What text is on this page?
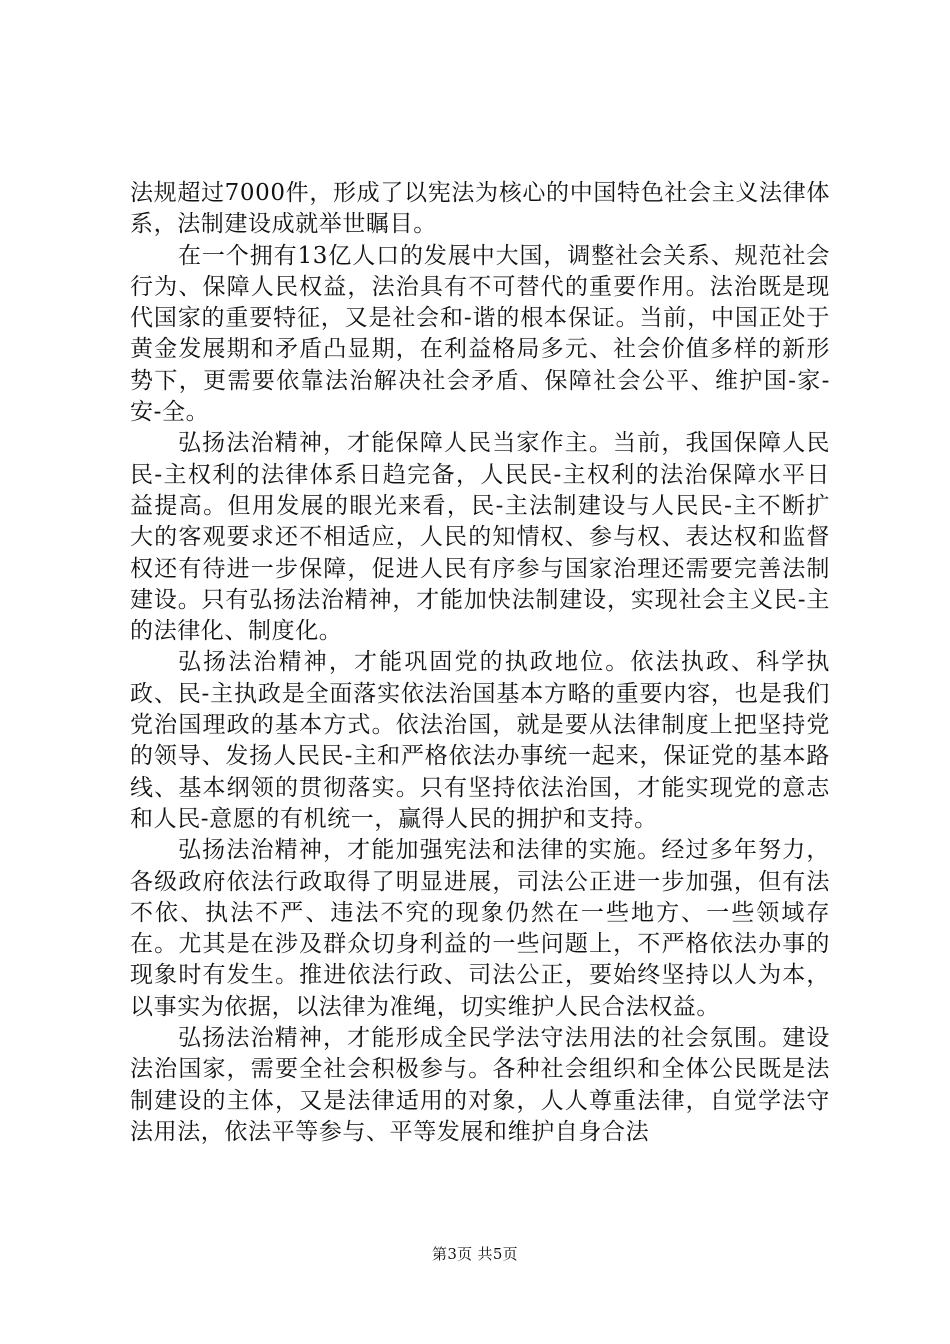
法规超过7000件，形成了以宪法为核心的中国特色社会主义法律体系，法制建设成就举世瞩目。

在一个拥有13亿人口的发展中大国，调整社会关系、规范社会行为、保障人民权益，法治具有不可替代的重要作用。法治既是现代国家的重要特征，又是社会和-谐的根本保证。当前，中国正处于黄金发展期和矛盾凸显期，在利益格局多元、社会价值多样的新形势下，更需要依靠法治解决社会矛盾、保障社会公平、维护国-家-安-全。

弘扬法治精神，才能保障人民当家作主。当前，我国保障人民民-主权利的法律体系日趋完备，人民民-主权利的法治保障水平日益提高。但用发展的眼光来看，民-主法制建设与人民民-主不断扩大的客观要求还不相适应，人民的知情权、参与权、表达权和监督权还有待进一步保障，促进人民有序参与国家治理还需要完善法制建设。只有弘扬法治精神，才能加快法制建设，实现社会主义民-主的法律化、制度化。

弘扬法治精神，才能巩固党的执政地位。依法执政、科学执政、民-主执政是全面落实依法治国基本方略的重要内容，也是我们党治国理政的基本方式。依法治国，就是要从法律制度上把坚持党的领导、发扬人民民-主和严格依法办事统一起来，保证党的基本路线、基本纲领的贯彻落实。只有坚持依法治国，才能实现党的意志和人民-意愿的有机统一，赢得人民的拥护和支持。

弘扬法治精神，才能加强宪法和法律的实施。经过多年努力，各级政府依法行政取得了明显进展，司法公正进一步加强，但有法不依、执法不严、违法不究的现象仍然在一些地方、一些领域存在。尤其是在涉及群众切身利益的一些问题上，不严格依法办事的现象时有发生。推进依法行政、司法公正，要始终坚持以人为本，以事实为依据，以法律为准绳，切实维护人民合法权益。

弘扬法治精神，才能形成全民学法守法用法的社会氛围。建设法治国家，需要全社会积极参与。各种社会组织和全体公民既是法制建设的主体，又是法律适用的对象，人人尊重法律，自觉学法守法用法，依法平等参与、平等发展和维护自身合法

第3页 共5页
